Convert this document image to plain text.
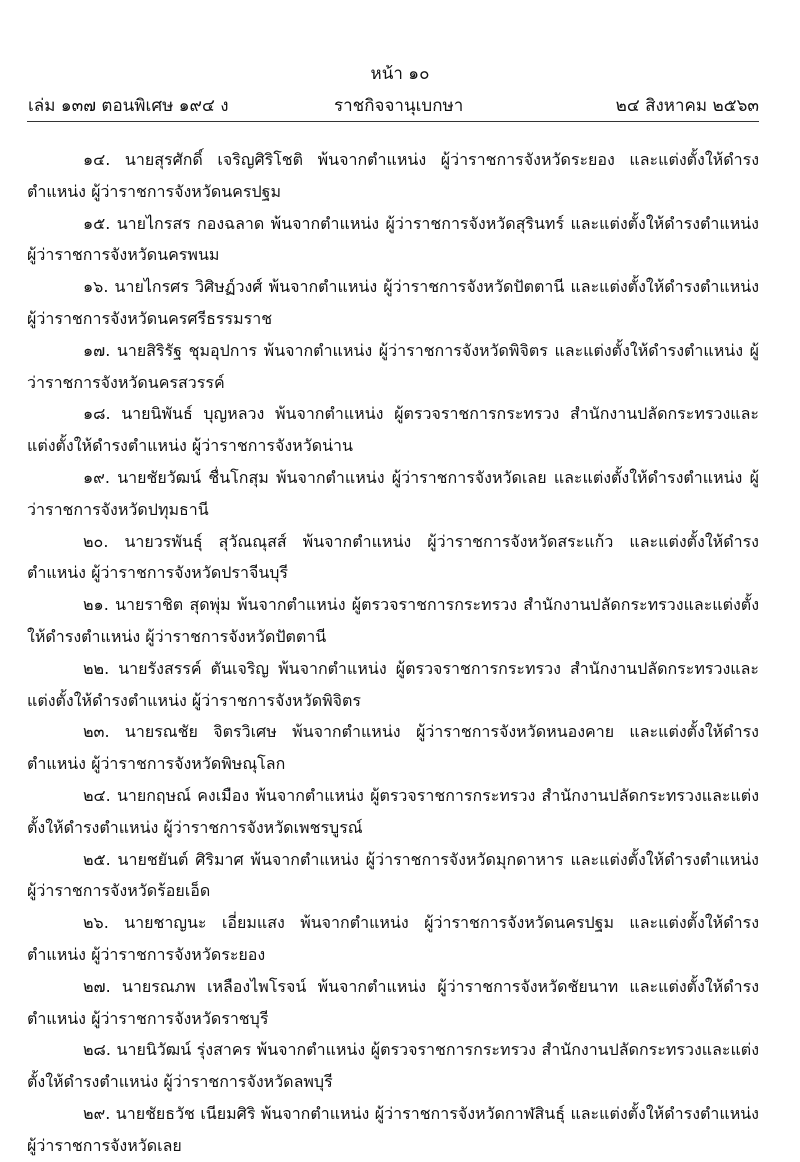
หน้า ๑๐
เล่ม ๑๓๗ ตอนพิเศษ ๑๙๔ ง	ราชกิจจานุเบกษา	๒๔ สิงหาคม ๒๕๖๓

๑๔. นายสุรศักดิ์ เจริญศิริโชติ พ้นจากตำแหน่ง ผู้ว่าราชการจังหวัดระยอง และแต่งตั้งให้ดำรงตำแหน่ง ผู้ว่าราชการจังหวัดนครปฐม

๑๕. นายไกรสร กองฉลาด พ้นจากตำแหน่ง ผู้ว่าราชการจังหวัดสุรินทร์ และแต่งตั้งให้ดำรงตำแหน่ง ผู้ว่าราชการจังหวัดนครพนม

๑๖. นายไกรศร วิศิษฏ์วงศ์ พ้นจากตำแหน่ง ผู้ว่าราชการจังหวัดปัตตานี และแต่งตั้งให้ดำรงตำแหน่ง ผู้ว่าราชการจังหวัดนครศรีธรรมราช

๑๗. นายสิริรัฐ ชุมอุปการ พ้นจากตำแหน่ง ผู้ว่าราชการจังหวัดพิจิตร และแต่งตั้งให้ดำรงตำแหน่ง ผู้ว่าราชการจังหวัดนครสวรรค์

๑๘. นายนิพันธ์ บุญหลวง พ้นจากตำแหน่ง ผู้ตรวจราชการกระทรวง สำนักงานปลัดกระทรวงและแต่งตั้งให้ดำรงตำแหน่ง ผู้ว่าราชการจังหวัดน่าน

๑๙. นายชัยวัฒน์ ชื่นโกสุม พ้นจากตำแหน่ง ผู้ว่าราชการจังหวัดเลย และแต่งตั้งให้ดำรงตำแหน่ง ผู้ว่าราชการจังหวัดปทุมธานี

๒๐. นายวรพันธุ์ สุวัณณุสส์ พ้นจากตำแหน่ง ผู้ว่าราชการจังหวัดสระแก้ว และแต่งตั้งให้ดำรงตำแหน่ง ผู้ว่าราชการจังหวัดปราจีนบุรี

๒๑. นายราชิต สุดพุ่ม พ้นจากตำแหน่ง ผู้ตรวจราชการกระทรวง สำนักงานปลัดกระทรวงและแต่งตั้งให้ดำรงตำแหน่ง ผู้ว่าราชการจังหวัดปัตตานี

๒๒. นายรังสรรค์ ตันเจริญ พ้นจากตำแหน่ง ผู้ตรวจราชการกระทรวง สำนักงานปลัดกระทรวงและแต่งตั้งให้ดำรงตำแหน่ง ผู้ว่าราชการจังหวัดพิจิตร

๒๓. นายรณชัย จิตรวิเศษ พ้นจากตำแหน่ง ผู้ว่าราชการจังหวัดหนองคาย และแต่งตั้งให้ดำรงตำแหน่ง ผู้ว่าราชการจังหวัดพิษณุโลก

๒๔. นายกฤษณ์ คงเมือง พ้นจากตำแหน่ง ผู้ตรวจราชการกระทรวง สำนักงานปลัดกระทรวงและแต่งตั้งให้ดำรงตำแหน่ง ผู้ว่าราชการจังหวัดเพชรบูรณ์

๒๕. นายชยันต์ ศิริมาศ พ้นจากตำแหน่ง ผู้ว่าราชการจังหวัดมุกดาหาร และแต่งตั้งให้ดำรงตำแหน่ง ผู้ว่าราชการจังหวัดร้อยเอ็ด

๒๖. นายชาญนะ เอี่ยมแสง พ้นจากตำแหน่ง ผู้ว่าราชการจังหวัดนครปฐม และแต่งตั้งให้ดำรงตำแหน่ง ผู้ว่าราชการจังหวัดระยอง

๒๗. นายรณภพ เหลืองไพโรจน์ พ้นจากตำแหน่ง ผู้ว่าราชการจังหวัดชัยนาท และแต่งตั้งให้ดำรงตำแหน่ง ผู้ว่าราชการจังหวัดราชบุรี

๒๘. นายนิวัฒน์ รุ่งสาคร พ้นจากตำแหน่ง ผู้ตรวจราชการกระทรวง สำนักงานปลัดกระทรวงและแต่งตั้งให้ดำรงตำแหน่ง ผู้ว่าราชการจังหวัดลพบุรี

๒๙. นายชัยธวัช เนียมศิริ พ้นจากตำแหน่ง ผู้ว่าราชการจังหวัดกาฬสินธุ์ และแต่งตั้งให้ดำรงตำแหน่ง ผู้ว่าราชการจังหวัดเลย
